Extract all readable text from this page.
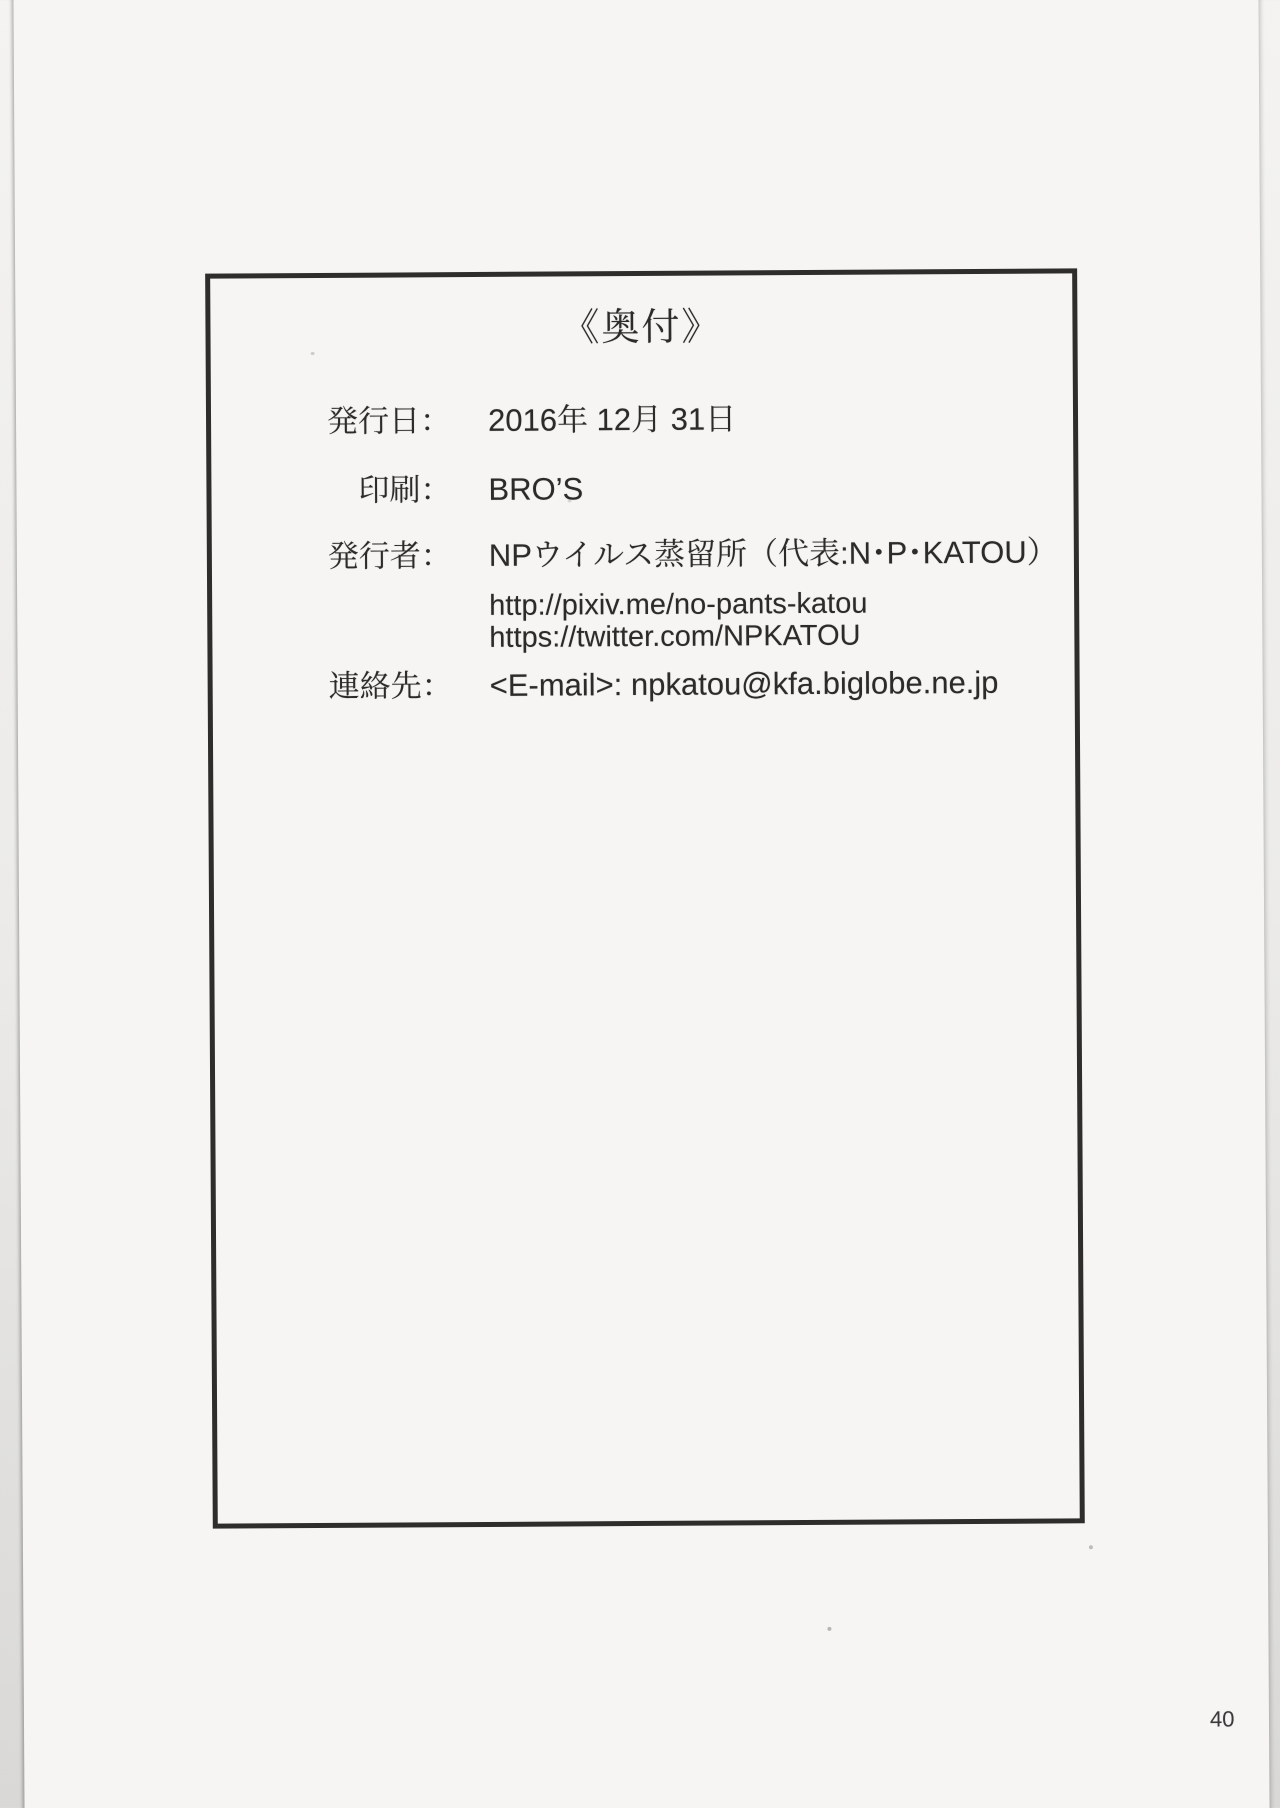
《奥付》
発行日： 2016年 12月 31日
印刷： BRO’S
発行者： NPウイルス蒸留所（代表:N･P･KATOU）
http://pixiv.me/no-pants-katou
https://twitter.com/NPKATOU
連絡先： <E-mail>: npkatou@kfa.biglobe.ne.jp
40
